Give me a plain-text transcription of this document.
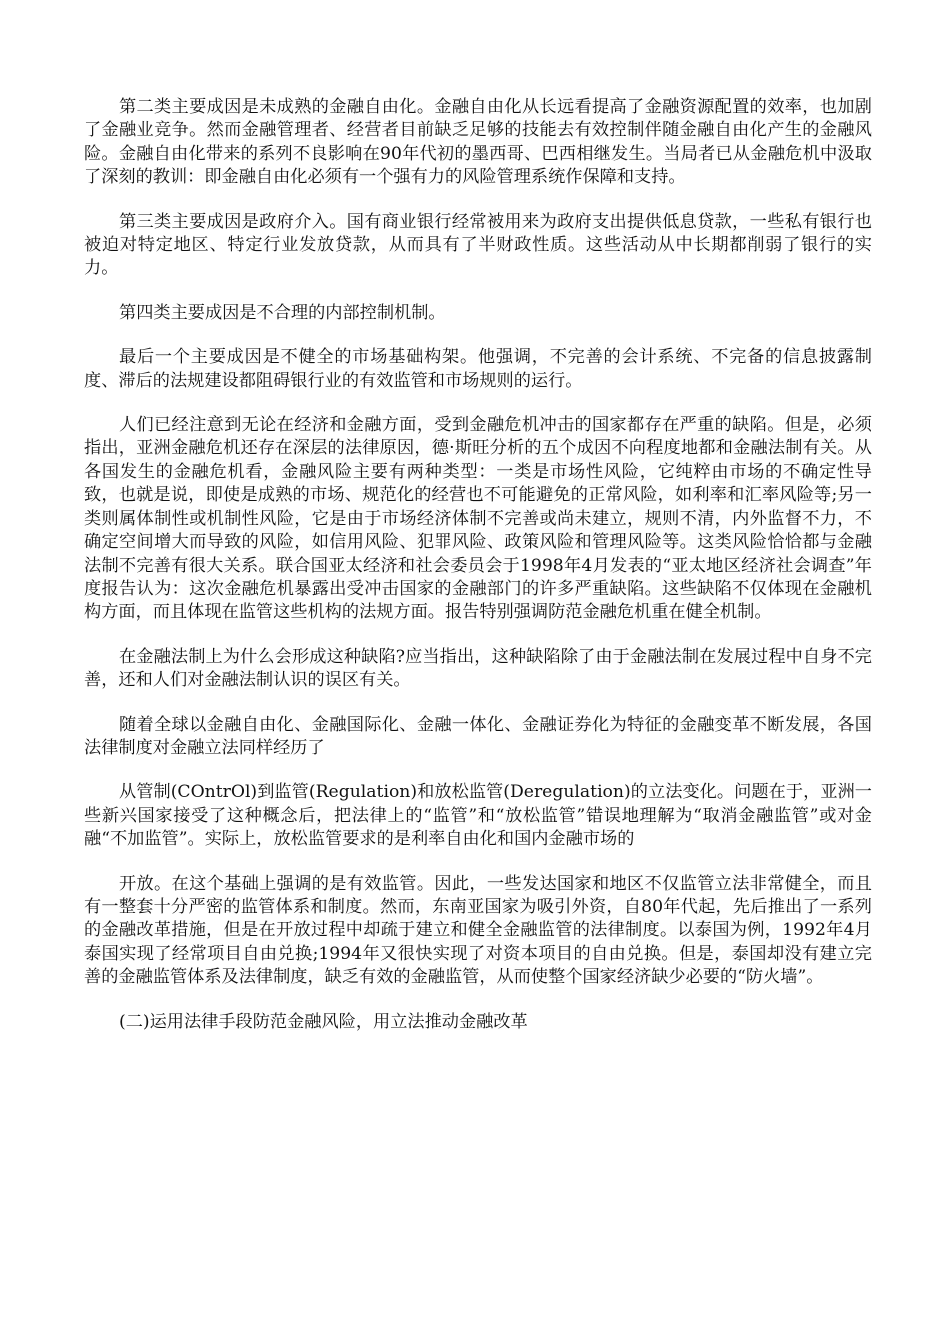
第二类主要成因是未成熟的金融自由化。金融自由化从长远看提高了金融资源配置的效率，也加剧了金融业竞争。然而金融管理者、经营者目前缺乏足够的技能去有效控制伴随金融自由化产生的金融风险。金融自由化带来的系列不良影响在90年代初的墨西哥、巴西相继发生。当局者已从金融危机中汲取了深刻的教训：即金融自由化必须有一个强有力的风险管理系统作保障和支持。

第三类主要成因是政府介入。国有商业银行经常被用来为政府支出提供低息贷款，一些私有银行也被迫对特定地区、特定行业发放贷款，从而具有了半财政性质。这些活动从中长期都削弱了银行的实力。

第四类主要成因是不合理的内部控制机制。

最后一个主要成因是不健全的市场基础构架。他强调，不完善的会计系统、不完备的信息披露制度、滞后的法规建设都阻碍银行业的有效监管和市场规则的运行。

人们已经注意到无论在经济和金融方面，受到金融危机冲击的国家都存在严重的缺陷。但是，必须指出，亚洲金融危机还存在深层的法律原因，德·斯旺分析的五个成因不向程度地都和金融法制有关。从各国发生的金融危机看，金融风险主要有两种类型：一类是市场性风险，它纯粹由市场的不确定性导致，也就是说，即使是成熟的市场、规范化的经营也不可能避免的正常风险，如利率和汇率风险等;另一类则属体制性或机制性风险，它是由于市场经济体制不完善或尚未建立，规则不清，内外监督不力，不确定空间增大而导致的风险，如信用风险、犯罪风险、政策风险和管理风险等。这类风险恰恰都与金融法制不完善有很大关系。联合国亚太经济和社会委员会于1998年4月发表的“亚太地区经济社会调查”年度报告认为：这次金融危机暴露出受冲击国家的金融部门的许多严重缺陷。这些缺陷不仅体现在金融机构方面，而且体现在监管这些机构的法规方面。报告特别强调防范金融危机重在健全机制。

在金融法制上为什么会形成这种缺陷?应当指出，这种缺陷除了由于金融法制在发展过程中自身不完善，还和人们对金融法制认识的误区有关。

随着全球以金融自由化、金融国际化、金融一体化、金融证券化为特征的金融变革不断发展，各国法律制度对金融立法同样经历了

从管制(COntrOl)到监管(Regulation)和放松监管(Deregulation)的立法变化。问题在于，亚洲一些新兴国家接受了这种概念后，把法律上的“监管”和“放松监管”错误地理解为“取消金融监管”或对金融“不加监管”。实际上，放松监管要求的是利率自由化和国内金融市场的

开放。在这个基础上强调的是有效监管。因此，一些发达国家和地区不仅监管立法非常健全，而且有一整套十分严密的监管体系和制度。然而，东南亚国家为吸引外资，自80年代起，先后推出了一系列的金融改革措施，但是在开放过程中却疏于建立和健全金融监管的法律制度。以泰国为例，1992年4月泰国实现了经常项目自由兑换;1994年又很快实现了对资本项目的自由兑换。但是，泰国却没有建立完善的金融监管体系及法律制度，缺乏有效的金融监管，从而使整个国家经济缺少必要的“防火墙”。

(二)运用法律手段防范金融风险，用立法推动金融改革
